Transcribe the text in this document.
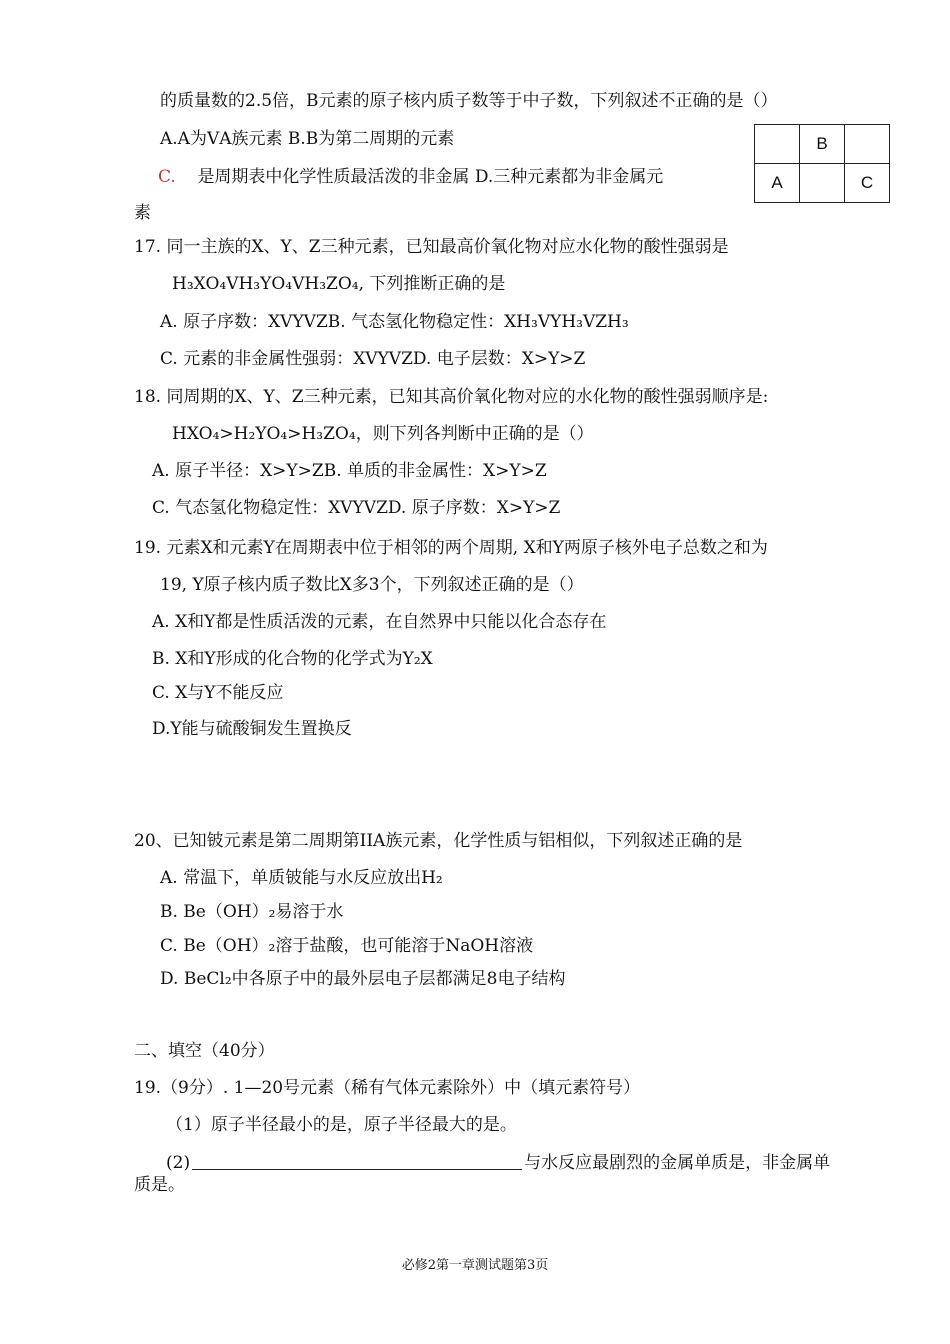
的质量数的2.5倍，B元素的原子核内质子数等于中子数，下列叙述不正确的是（）
A.A为ⅤA族元素 B.B为第二周期的元素
C. 是周期表中化学性质最活泼的非金属 D.三种元素都为非金属元
素
	B	
A		C
17. 同一主族的X、Y、Z三种元素，已知最高价氧化物对应水化物的酸性强弱是
H₃XO₄ⅤH₃YO₄ⅤH₃ZO₄, 下列推断正确的是
A. 原子序数：XⅤYⅤZB. 气态氢化物稳定性：XH₃ⅤYH₃ⅤZH₃
C. 元素的非金属性强弱：XⅤYⅤZD. 电子层数：X>Y>Z
18. 同周期的X、Y、Z三种元素，已知其高价氧化物对应的水化物的酸性强弱顺序是:
HXO₄>H₂YO₄>H₃ZO₄，则下列各判断中正确的是（）
A. 原子半径：X>Y>ZB. 单质的非金属性：X>Y>Z
C. 气态氢化物稳定性：XⅤYⅤZD. 原子序数：X>Y>Z
19. 元素X和元素Y在周期表中位于相邻的两个周期, X和Y两原子核外电子总数之和为
19, Y原子核内质子数比X多3个，下列叙述正确的是（）
A. X和Y都是性质活泼的元素，在自然界中只能以化合态存在
B. X和Y形成的化合物的化学式为Y₂X
C. X与Y不能反应
D.Y能与硫酸铜发生置换反
20、已知铍元素是第二周期第IIA族元素，化学性质与铝相似，下列叙述正确的是
A. 常温下，单质铍能与水反应放出H₂
B. Be（OH）₂易溶于水
C. Be（OH）₂溶于盐酸，也可能溶于NaOH溶液
D. BeCl₂中各原子中的最外层电子层都满足8电子结构
二、填空（40分）
19.（9分）. 1—20号元素（稀有气体元素除外）中（填元素符号）
（1）原子半径最小的是，原子半径最大的是。
(2)	与水反应最剧烈的金属单质是，非金属单
质是。
必修2第一章测试题第3页
